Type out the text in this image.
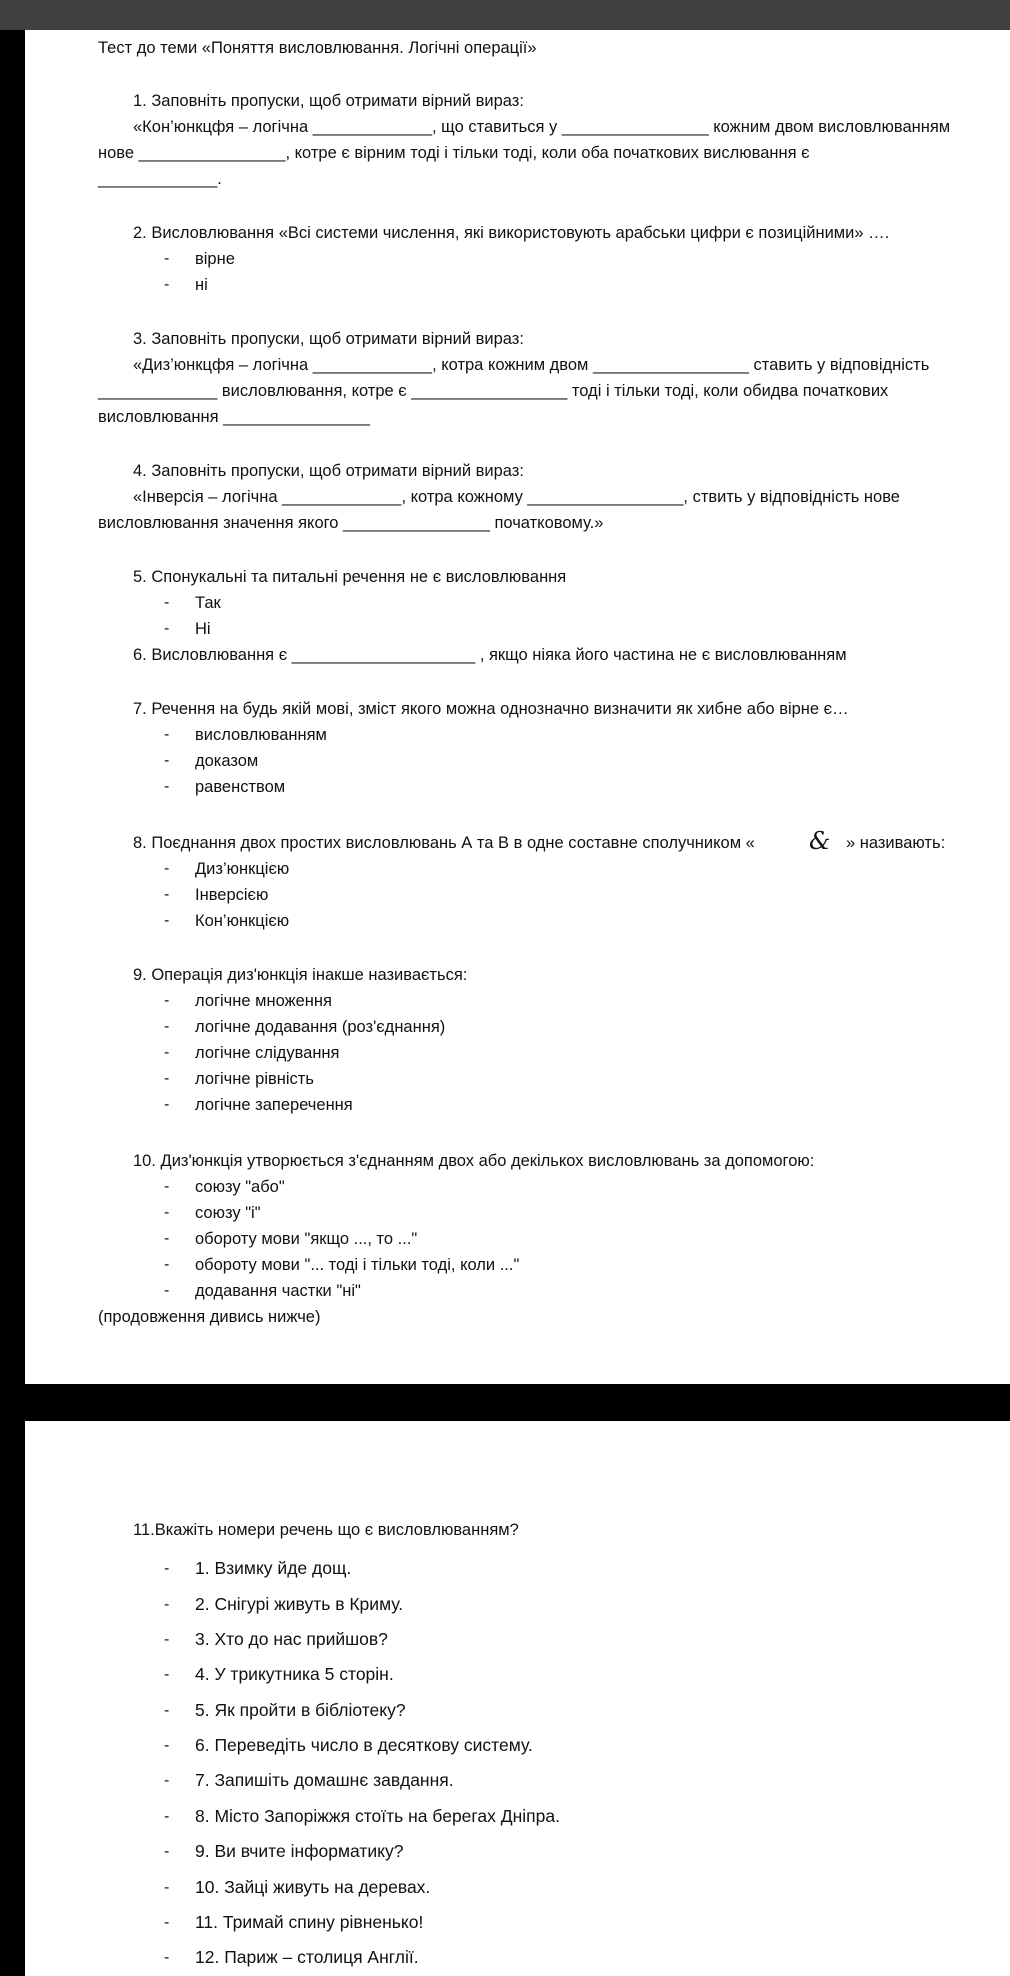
Тест до теми «Поняття висловлювання. Логічні операції»
1. Заповніть пропуски, щоб отримати вірний вираз:
«Кон’юнкцфя – логічна _____________, що ставиться у ________________ кожним двом висловлюванням
нове ________________, котре є вірним тоді і тільки тоді, коли оба початкових вислювання є
_____________.
2. Висловлювання «Всі системи числення, які використовують арабськи цифри є позиційними» ….
- вірне
- ні
3. Заповніть пропуски, щоб отримати вірний вираз:
«Диз’юнкцфя – логічна _____________, котра кожним двом _________________ ставить у відповідність
_____________ висловлювання, котре є _________________ тоді і тільки тоді, коли обидва початкових
висловлювання ________________
4. Заповніть пропуски, щоб отримати вірний вираз:
«Інверсія – логічна _____________, котра кожному _________________, ствить у відповідність нове
висловлювання значення якого ________________ початковому.»
5. Спонукальні та питальні речення не є висловлювання
- Так
- Ні
6. Висловлювання є ____________________ , якщо ніяка його частина не є висловлюванням
7. Речення на будь якій мові, зміст якого можна однозначно визначити як хибне або вірне є…
- висловлюванням
- доказом
- равенством
8. Поєднання двох простих висловлювань А та В в одне составне сполучником « & » називають:
- Диз’юнкцією
- Інверсією
- Кон’юнкцією
9. Операція диз'юнкція інакше називається:
- логічне множення
- логічне додавання (роз'єднання)
- логічне слідування
- логічне рівність
- логічне заперечення
10. Диз'юнкція утворюється з'єднанням двох або декількох висловлювань за допомогою:
- союзу "або"
- союзу "і"
- обороту мови "якщо ..., то ..."
- обороту мови "... тоді і тільки тоді, коли ..."
- додавання частки "ні"
(продовження дивись нижче)
11.Вкажіть номери речень що є висловлюванням?
- 1. Взимку йде дощ.
- 2. Снігурі живуть в Криму.
- 3. Хто до нас прийшов?
- 4. У трикутника 5 сторін.
- 5. Як пройти в бібліотеку?
- 6. Переведіть число в десяткову систему.
- 7. Запишіть домашнє завдання.
- 8. Місто Запоріжжя стоїть на берегах Дніпра.
- 9. Ви вчите інформатику?
- 10. Зайці живуть на деревах.
- 11. Тримай спину рівненько!
- 12. Париж – столиця Англії.
